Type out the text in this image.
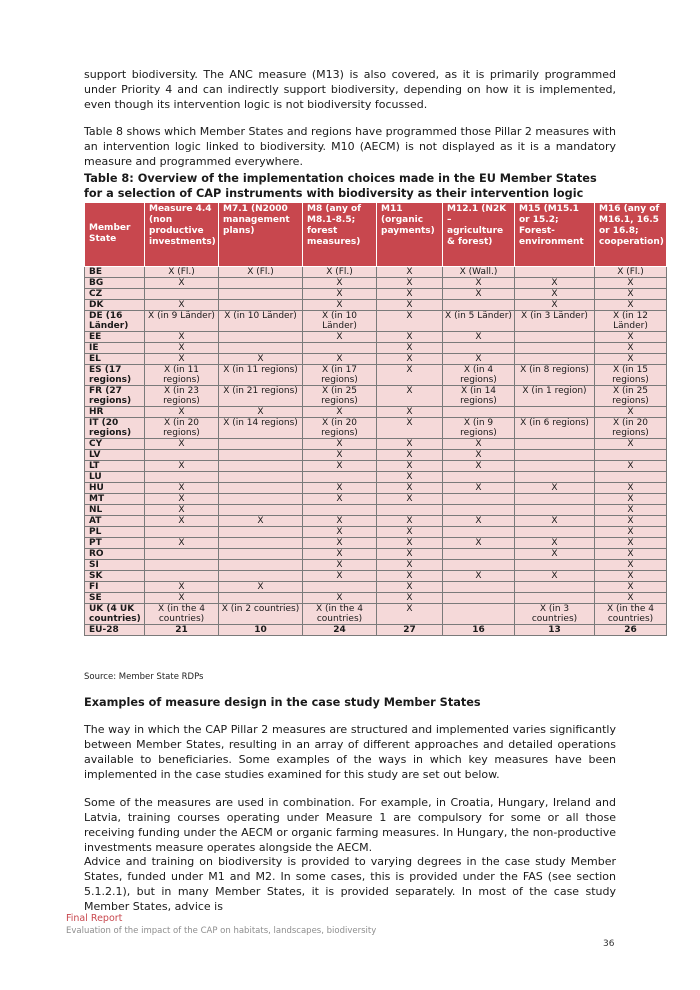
support biodiversity. The ANC measure (M13) is also covered, as it is primarily programmed under Priority 4 and can indirectly support biodiversity, depending on how it is implemented, even though its intervention logic is not biodiversity focussed.

Table 8 shows which Member States and regions have programmed those Pillar 2 measures with an intervention logic linked to biodiversity. M10 (AECM) is not displayed as it is a mandatory measure and programmed everywhere.

Table 8: Overview of the implementation choices made in the EU Member States for a selection of CAP instruments with biodiversity as their intervention logic

Member State	Measure 4.4 (non productive investments)	M7.1 (N2000 management plans)	M8 (any of M8.1-8.5; forest measures)	M11 (organic payments)	M12.1 (N2K – agriculture & forest)	M15 (M15.1 or 15.2; Forest-environment	M16 (any of M16.1, 16.5 or 16.8; cooperation)
BE	X (Fl.)	X (Fl.)	X (Fl.)	X	X (Wall.)		X (Fl.)
BG	X		X	X	X	X	X
CZ			X	X	X	X	X
DK	X		X	X		X	X
DE (16 Länder)	X (in 9 Länder)	X (in 10 Länder)	X (in 10 Länder)	X	X (in 5 Länder)	X (in 3 Länder)	X (in 12 Länder)
EE	X		X	X	X		X
IE	X			X			X
EL	X	X	X	X	X		X
ES (17 regions)	X (in 11 regions)	X (in 11 regions)	X (in 17 regions)	X	X (in 4 regions)	X (in 8 regions)	X (in 15 regions)
FR (27 regions)	X (in 23 regions)	X (in 21 regions)	X (in 25 regions)	X	X (in 14 regions)	X (in 1 region)	X (in 25 regions)
HR	X	X	X	X			X
IT (20 regions)	X (in 20 regions)	X (in 14 regions)	X (in 20 regions)	X	X (in 9 regions)	X (in 6 regions)	X (in 20 regions)
CY	X		X	X	X		X
LV			X	X	X		
LT	X		X	X	X		X
LU				X			
HU	X		X	X	X	X	X
MT	X		X	X			X
NL	X						X
AT	X	X	X	X	X	X	X
PL			X	X			X
PT	X		X	X	X	X	X
RO			X	X		X	X
SI			X	X			X
SK			X	X	X	X	X
FI	X	X		X			X
SE	X		X	X			X
UK (4 UK countries)	X (in the 4 countries)	X (in 2 countries)	X (in the 4 countries)	X		X (in 3 countries)	X (in the 4 countries)
EU-28	21	10	24	27	16	13	26
Source: Member State RDPs
Examples of measure design in the case study Member States

The way in which the CAP Pillar 2 measures are structured and implemented varies significantly between Member States, resulting in an array of different approaches and detailed operations available to beneficiaries. Some examples of the ways in which key measures have been implemented in the case studies examined for this study are set out below.

Some of the measures are used in combination. For example, in Croatia, Hungary, Ireland and Latvia, training courses operating under Measure 1 are compulsory for some or all those receiving funding under the AECM or organic farming measures. In Hungary, the non-productive investments measure operates alongside the AECM.

Advice and training on biodiversity is provided to varying degrees in the case study Member States, funded under M1 and M2. In some cases, this is provided under the FAS (see section 5.1.2.1), but in many Member States, it is provided separately. In most of the case study Member States, advice is

Final Report
Evaluation of the impact of the CAP on habitats, landscapes, biodiversity
36
